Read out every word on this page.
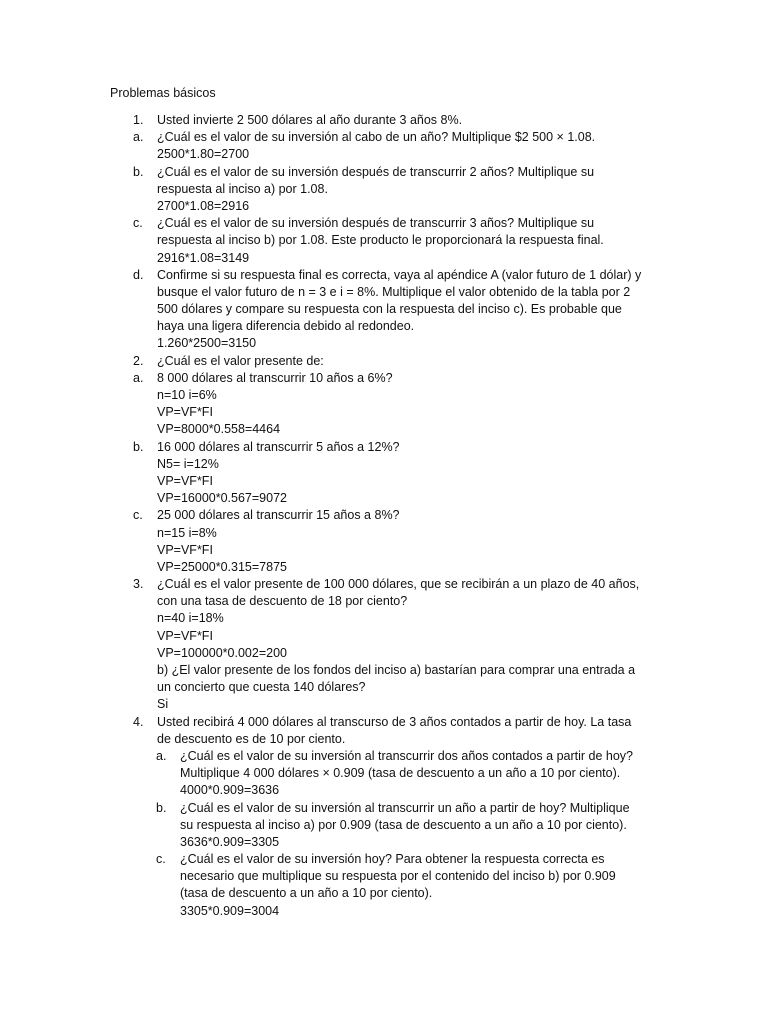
Problemas básicos
1. Usted invierte 2 500 dólares al año durante 3 años 8%.
a. ¿Cuál es el valor de su inversión al cabo de un año? Multiplique $2 500 × 1.08.
2500*1.80=2700
b. ¿Cuál es el valor de su inversión después de transcurrir 2 años? Multiplique su
respuesta al inciso a) por 1.08.
2700*1.08=2916
c. ¿Cuál es el valor de su inversión después de transcurrir 3 años? Multiplique su
respuesta al inciso b) por 1.08. Este producto le proporcionará la respuesta final.
2916*1.08=3149
d. Confirme si su respuesta final es correcta, vaya al apéndice A (valor futuro de 1 dólar) y
busque el valor futuro de n = 3 e i = 8%. Multiplique el valor obtenido de la tabla por 2
500 dólares y compare su respuesta con la respuesta del inciso c). Es probable que
haya una ligera diferencia debido al redondeo.
1.260*2500=3150
2. ¿Cuál es el valor presente de:
a. 8 000 dólares al transcurrir 10 años a 6%?
n=10 i=6%
VP=VF*FI
VP=8000*0.558=4464
b. 16 000 dólares al transcurrir 5 años a 12%?
N5= i=12%
VP=VF*FI
VP=16000*0.567=9072
c. 25 000 dólares al transcurrir 15 años a 8%?
n=15 i=8%
VP=VF*FI
VP=25000*0.315=7875
3. ¿Cuál es el valor presente de 100 000 dólares, que se recibirán a un plazo de 40 años,
con una tasa de descuento de 18 por ciento?
n=40 i=18%
VP=VF*FI
VP=100000*0.002=200
b) ¿El valor presente de los fondos del inciso a) bastarían para comprar una entrada a
un concierto que cuesta 140 dólares?
Si
4. Usted recibirá 4 000 dólares al transcurso de 3 años contados a partir de hoy. La tasa
de descuento es de 10 por ciento.
a. ¿Cuál es el valor de su inversión al transcurrir dos años contados a partir de hoy?
Multiplique 4 000 dólares × 0.909 (tasa de descuento a un año a 10 por ciento).
4000*0.909=3636
b. ¿Cuál es el valor de su inversión al transcurrir un año a partir de hoy? Multiplique
su respuesta al inciso a) por 0.909 (tasa de descuento a un año a 10 por ciento).
3636*0.909=3305
c. ¿Cuál es el valor de su inversión hoy? Para obtener la respuesta correcta es
necesario que multiplique su respuesta por el contenido del inciso b) por 0.909
(tasa de descuento a un año a 10 por ciento).
3305*0.909=3004
